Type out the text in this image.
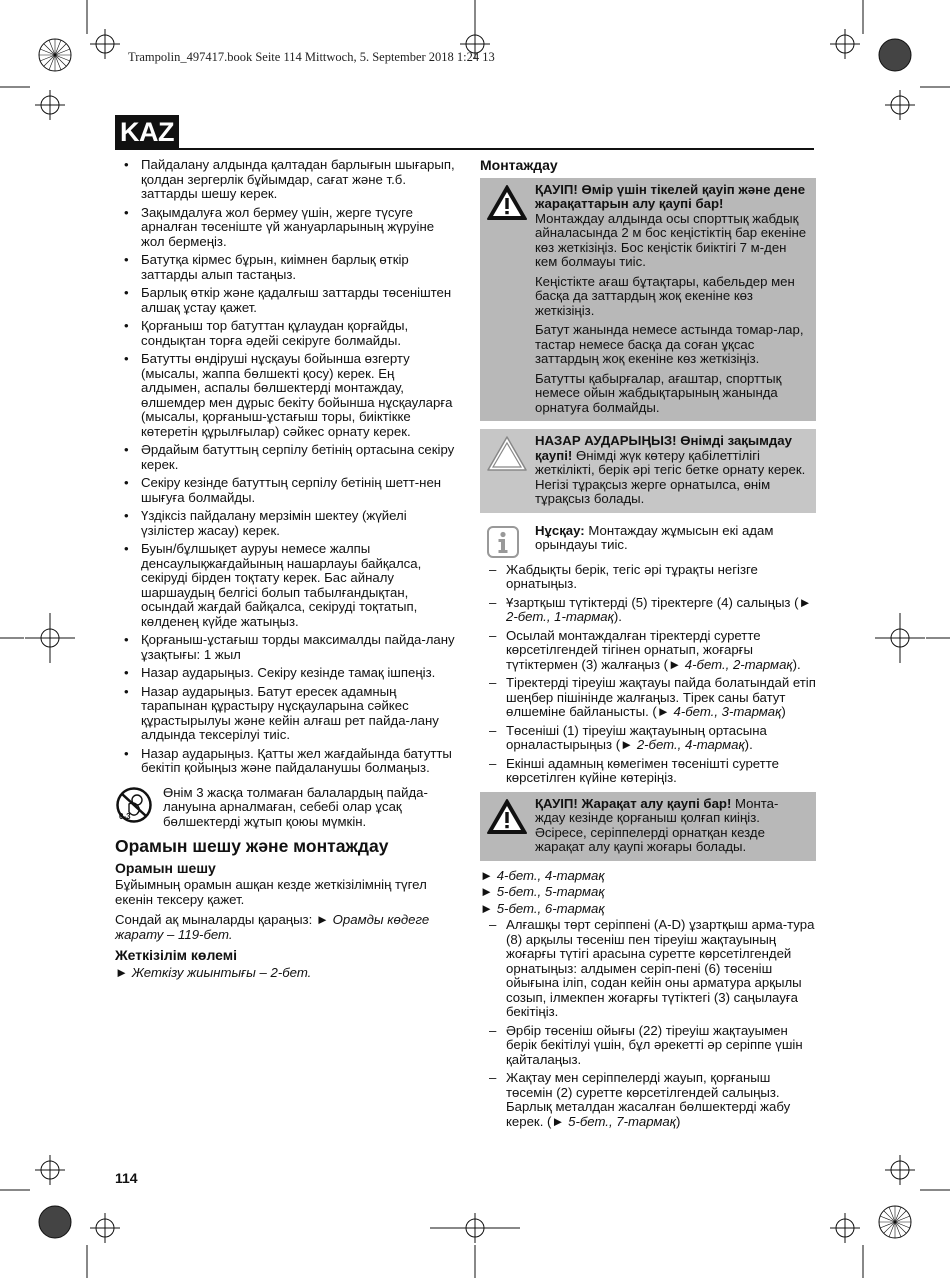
Trampolin_497417.book Seite 114 Mittwoch, 5. September 2018 1:24 13
KAZ
• Пайдалану алдында қалтадан барлығын шығарып, қолдан зергерлік бұйымдар, сағат және т.б. заттарды шешу керек.
• Зақымдалуға жол бермеу үшін, жерге түсуге арналған төсеніште үй жануарларының жүруіне жол бермеңіз.
• Батутқа кірмес бұрын, киімнен барлық өткір заттарды алып тастаңыз.
• Барлық өткір және қадалғыш заттарды төсеніштен алшақ ұстау қажет.
• Қорғаныш тор батуттан құлаудан қорғайды, сондықтан торға әдейі секіруге болмайды.
• Батутты өндіруші нұсқауы бойынша өзгерту (мысалы, жаппа бөлшекті қосу) керек. Ең алдымен, аспалы бөлшектерді монтаждау, өлшемдер мен дұрыс бекіту бойынша нұсқауларға (мысалы, қорғаныш-ұстағыш торы, биіктікке көтеретін құрылғылар) сәйкес орнату керек.
• Әрдайым батуттың серпілу бетінің ортасына секіру керек.
• Секіру кезінде батуттың серпілу бетінің шетт-нен шығуға болмайды.
• Үздіксіз пайдалану мерзімін шектеу (жүйелі үзілістер жасау) керек.
• Буын/бұлшықет ауруы немесе жалпы денсаулықжағдайының нашарлауы байқалса, секіруді бірден тоқтату керек. Бас айналу шаршаудың белгісі болып табылғандықтан, осындай жағдай байқалса, секіруді тоқтатып, көлденең күйде жатыңыз.
• Қорғаныш-ұстағыш торды максималды пайда-лану ұзақтығы: 1 жыл
• Назар аударыңыз. Секіру кезінде тамақ ішпеңіз.
• Назар аударыңыз. Батут ересек адамның тарапынан құрастыру нұсқауларына сәйкес құрастырылуы және кейін алғаш рет пайда-лану алдында тексерілуі тиіс.
• Назар аударыңыз. Қатты жел жағдайында батутты бекітіп қойыңыз және пайдаланушы болмаңыз.
0-3
Өнім 3 жасқа толмаған балалардың пайда-лануына арналмаған, себебі олар ұсақ бөлшектерді жұтып қоюы мүмкін.
Орамын шешу және монтаждау
Орамын шешу

Бұйымның орамын ашқан кезде жеткізілімнің түгел екенін тексеру қажет.

Сондай ақ мыналарды қараңыз: ► Орамды көдеге жарату – 119-бет.

Жеткізілім көлемі

► Жеткізу жиынтығы – 2-бет.

Монтаждау

ҚАУІП! Өмір үшін тікелей қауіп және дене жарақаттарын алу қаупі бар!

Монтаждау алдында осы спорттық жабдық айналасында 2 м бос кеңістіктің бар екеніне көз жеткізіңіз. Бос кеңістік биіктігі 7 м-ден кем болмауы тиіс.

Кеңістікте ағаш бұтақтары, кабельдер мен басқа да заттардың жоқ екеніне көз жеткізіңіз.

Батут жанында немесе астында томар-лар, тастар немесе басқа да соған ұқсас заттардың жоқ екеніне көз жеткізіңіз.

Батутты қабырғалар, ағаштар, спорттық немесе ойын жабдықтарының жанында орнатуға болмайды.

НАЗАР АУДАРЫҢЫЗ! Өнімді зақымдау қаупі! Өнімді жүк көтеру қабілеттілігі жеткілікті, берік әрі тегіс бетке орнату керек. Негізі тұрақсыз жерге орнатылса, өнім тұрақсыз болады.

Нұсқау: Монтаждау жұмысын екі адам орындауы тиіс.

– Жабдықты берік, тегіс әрі тұрақты негізге орнатыңыз.
– Ұзартқыш түтіктерді (5) тіректерге (4) салыңыз (► 2-бет., 1-тармақ).
– Осылай монтаждалған тіректерді суретте көрсетілгендей тігінен орнатып, жоғарғы түтіктермен (3) жалғаңыз (► 4-бет., 2-тармақ).
– Тіректерді тіреуіш жақтауы пайда болатындай етіп шеңбер пішінінде жалғаңыз. Тірек саны батут өлшеміне байланысты. (► 4-бет., 3-тармақ)
– Төсеніші (1) тіреуіш жақтауының ортасына орналастырыңыз (► 2-бет., 4-тармақ).
– Екінші адамның көмегімен төсенішті суретте көрсетілген күйіне көтеріңіз.

ҚАУІП! Жарақат алу қаупі бар! Монта-ждау кезінде қорғаныш қолғап киіңіз. Әсіресе, серіппелерді орнатқан кезде жарақат алу қаупі жоғары болады.

► 4-бет., 4-тармақ
► 5-бет., 5-тармақ
► 5-бет., 6-тармақ
– Алғашқы төрт серіппені (A-D) ұзартқыш арма-тура (8) арқылы төсеніш пен тіреуіш жақтауының жоғарғы түтігі арасына суретте көрсетілгендей орнатыңыз: алдымен серіп-пені (6) төсеніш ойығына іліп, содан кейін оны арматура арқылы созып, ілмекпен жоғарғы түтіктегі (3) саңылауға бекітіңіз.
– Әрбір төсеніш ойығы (22) тіреуіш жақтауымен берік бекітілуі үшін, бұл әрекетті әр серіппе үшін қайталаңыз.
– Жақтау мен серіппелерді жауып, қорғаныш төсемін (2) суретте көрсетілгендей салыңыз. Барлық металдан жасалған бөлшектерді жабу керек. (► 5-бет., 7-тармақ)
114
